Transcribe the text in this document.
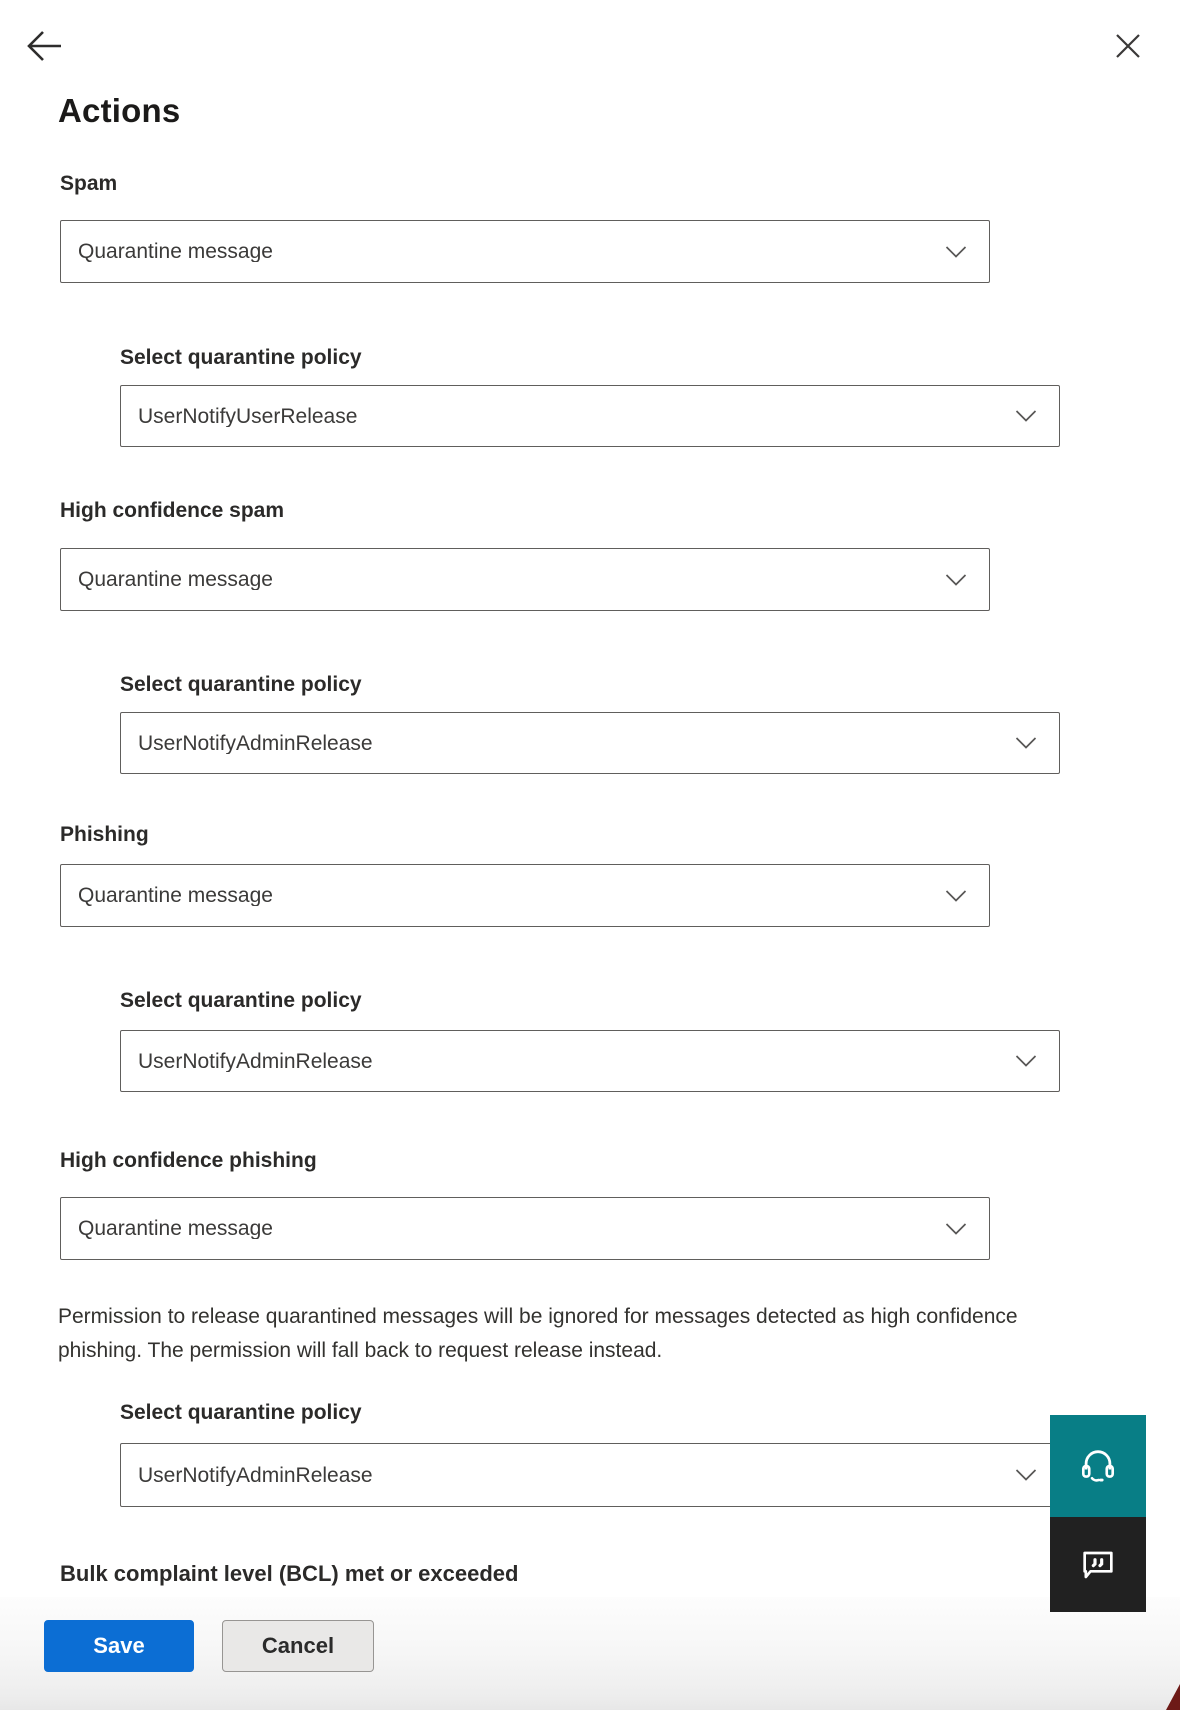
Actions
Spam
Quarantine message
Select quarantine policy
UserNotifyUserRelease
High confidence spam
Quarantine message
Select quarantine policy
UserNotifyAdminRelease
Phishing
Quarantine message
Select quarantine policy
UserNotifyAdminRelease
High confidence phishing
Quarantine message
Permission to release quarantined messages will be ignored for messages detected as high confidence phishing. The permission will fall back to request release instead.
Select quarantine policy
UserNotifyAdminRelease
Bulk complaint level (BCL) met or exceeded
Save	Cancel
